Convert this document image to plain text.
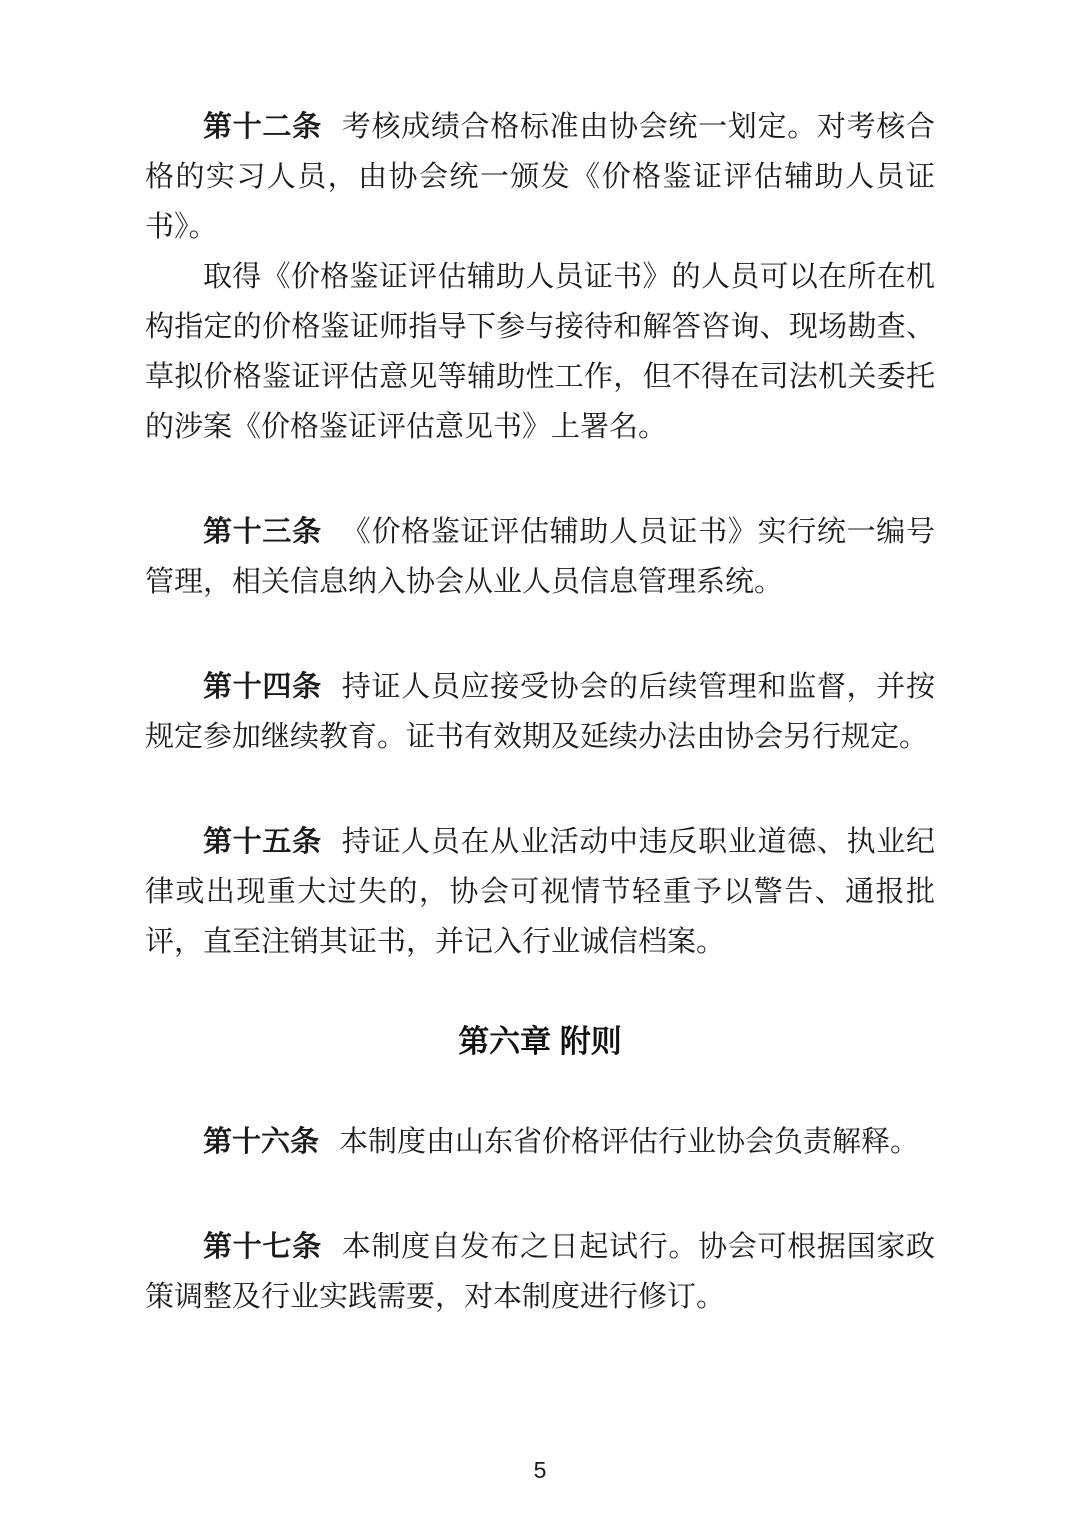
第十二条 考核成绩合格标准由协会统一划定。对考核合格的实习人员，由协会统一颁发《价格鉴证评估辅助人员证书》。

取得《价格鉴证评估辅助人员证书》的人员可以在所在机构指定的价格鉴证师指导下参与接待和解答咨询、现场勘查、草拟价格鉴证评估意见等辅助性工作，但不得在司法机关委托的涉案《价格鉴证评估意见书》上署名。

第十三条 《价格鉴证评估辅助人员证书》实行统一编号管理，相关信息纳入协会从业人员信息管理系统。

第十四条 持证人员应接受协会的后续管理和监督，并按规定参加继续教育。证书有效期及延续办法由协会另行规定。

第十五条 持证人员在从业活动中违反职业道德、执业纪律或出现重大过失的，协会可视情节轻重予以警告、通报批评，直至注销其证书，并记入行业诚信档案。

第六章 附则

第十六条 本制度由山东省价格评估行业协会负责解释。

第十七条 本制度自发布之日起试行。协会可根据国家政策调整及行业实践需要，对本制度进行修订。

5
